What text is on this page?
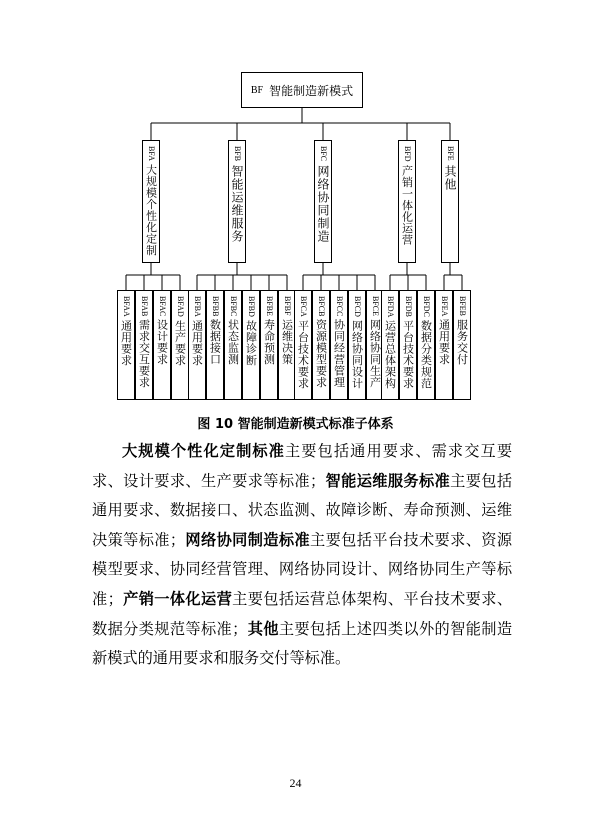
BF 智能制造新模式
BFA
大规模个性化定制
BFAA
通用要求
BFAB
需求交互要求
BFAC
设计要求
BFAD
生产要求
BFB
智能运维服务
BFBA
通用要求
BFBB
数据接口
BFBC
状态监测
BFBD
故障诊断
BFBE
寿命预测
BFBF
运维决策
BFC
网络协同制造
BFCA
平台技术要求
BFCB
资源模型要求
BFCC
协同经营管理
BFCD
网络协同设计
BFCE
网络协同生产
BFD
产销一体化运营
BFDA
运营总体架构
BFDB
平台技术要求
BFDC
数据分类规范
BFE
其他
BFEA
通用要求
BFEB
服务交付
图 10 智能制造新模式标准子体系
大规模个性化定制标准主要包括通用要求、需求交互要求、设计要求、生产要求等标准；智能运维服务标准主要包括通用要求、数据接口、状态监测、故障诊断、寿命预测、运维决策等标准；网络协同制造标准主要包括平台技术要求、资源模型要求、协同经营管理、网络协同设计、网络协同生产等标准；产销一体化运营主要包括运营总体架构、平台技术要求、数据分类规范等标准；其他主要包括上述四类以外的智能制造新模式的通用要求和服务交付等标准。
24
